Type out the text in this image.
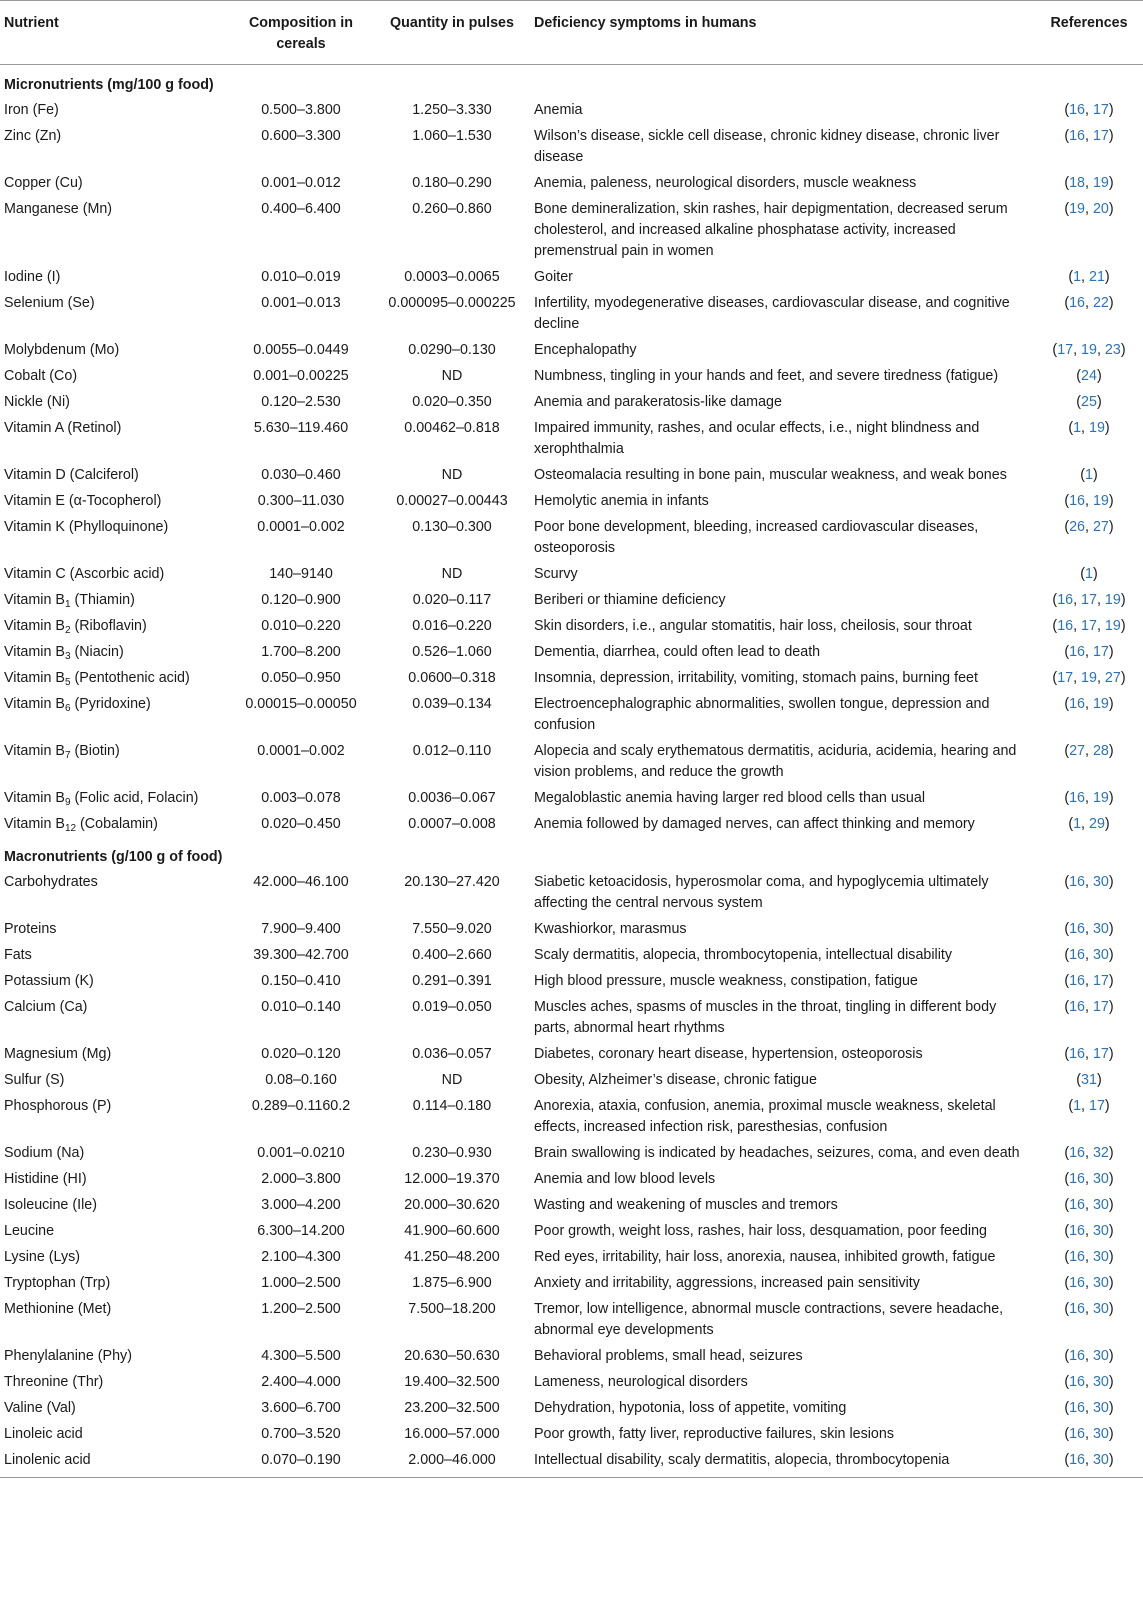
Nutrient	Composition in cereals	Quantity in pulses	Deficiency symptoms in humans	References
Micronutrients (mg/100 g food)				
Iron (Fe)	0.500–3.800	1.250–3.330	Anemia	(16, 17)
Zinc (Zn)	0.600–3.300	1.060–1.530	Wilson’s disease, sickle cell disease, chronic kidney disease, chronic liver disease	(16, 17)
Copper (Cu)	0.001–0.012	0.180–0.290	Anemia, paleness, neurological disorders, muscle weakness	(18, 19)
Manganese (Mn)	0.400–6.400	0.260–0.860	Bone demineralization, skin rashes, hair depigmentation, decreased serum cholesterol, and increased alkaline phosphatase activity, increased premenstrual pain in women	(19, 20)
Iodine (I)	0.010–0.019	0.0003–0.0065	Goiter	(1, 21)
Selenium (Se)	0.001–0.013	0.000095–0.000225	Infertility, myodegenerative diseases, cardiovascular disease, and cognitive decline	(16, 22)
Molybdenum (Mo)	0.0055–0.0449	0.0290–0.130	Encephalopathy	(17, 19, 23)
Cobalt (Co)	0.001–0.00225	ND	Numbness, tingling in your hands and feet, and severe tiredness (fatigue)	(24)
Nickle (Ni)	0.120–2.530	0.020–0.350	Anemia and parakeratosis-like damage	(25)
Vitamin A (Retinol)	5.630–119.460	0.00462–0.818	Impaired immunity, rashes, and ocular effects, i.e., night blindness and xerophthalmia	(1, 19)
Vitamin D (Calciferol)	0.030–0.460	ND	Osteomalacia resulting in bone pain, muscular weakness, and weak bones	(1)
Vitamin E (α-Tocopherol)	0.300–11.030	0.00027–0.00443	Hemolytic anemia in infants	(16, 19)
Vitamin K (Phylloquinone)	0.0001–0.002	0.130–0.300	Poor bone development, bleeding, increased cardiovascular diseases, osteoporosis	(26, 27)
Vitamin C (Ascorbic acid)	140–9140	ND	Scurvy	(1)
Vitamin $B_1$ (Thiamin)	0.120–0.900	0.020–0.117	Beriberi or thiamine deficiency	(16, 17, 19)
Vitamin $B_2$ (Riboflavin)	0.010–0.220	0.016–0.220	Skin disorders, i.e., angular stomatitis, hair loss, cheilosis, sour throat	(16, 17, 19)
Vitamin $B_3$ (Niacin)	1.700–8.200	0.526–1.060	Dementia, diarrhea, could often lead to death	(16, 17)
Vitamin $B_5$ (Pentothenic acid)	0.050–0.950	0.0600–0.318	Insomnia, depression, irritability, vomiting, stomach pains, burning feet	(17, 19, 27)
Vitamin $B_6$ (Pyridoxine)	0.00015–0.00050	0.039–0.134	Electroencephalographic abnormalities, swollen tongue, depression and confusion	(16, 19)
Vitamin $B_7$ (Biotin)	0.0001–0.002	0.012–0.110	Alopecia and scaly erythematous dermatitis, aciduria, acidemia, hearing and vision problems, and reduce the growth	(27, 28)
Vitamin $B_9$ (Folic acid, Folacin)	0.003–0.078	0.0036–0.067	Megaloblastic anemia having larger red blood cells than usual	(16, 19)
Vitamin $B_{12}$ (Cobalamin)	0.020–0.450	0.0007–0.008	Anemia followed by damaged nerves, can affect thinking and memory	(1, 29)
Macronutrients (g/100 g of food)				
Carbohydrates	42.000–46.100	20.130–27.420	Siabetic ketoacidosis, hyperosmolar coma, and hypoglycemia ultimately affecting the central nervous system	(16, 30)
Proteins	7.900–9.400	7.550–9.020	Kwashiorkor, marasmus	(16, 30)
Fats	39.300–42.700	0.400–2.660	Scaly dermatitis, alopecia, thrombocytopenia, intellectual disability	(16, 30)
Potassium (K)	0.150–0.410	0.291–0.391	High blood pressure, muscle weakness, constipation, fatigue	(16, 17)
Calcium (Ca)	0.010–0.140	0.019–0.050	Muscles aches, spasms of muscles in the throat, tingling in different body parts, abnormal heart rhythms	(16, 17)
Magnesium (Mg)	0.020–0.120	0.036–0.057	Diabetes, coronary heart disease, hypertension, osteoporosis	(16, 17)
Sulfur (S)	0.08–0.160	ND	Obesity, Alzheimer’s disease, chronic fatigue	(31)
Phosphorous (P)	0.289–0.1160.2	0.114–0.180	Anorexia, ataxia, confusion, anemia, proximal muscle weakness, skeletal effects, increased infection risk, paresthesias, confusion	(1, 17)
Sodium (Na)	0.001–0.0210	0.230–0.930	Brain swallowing is indicated by headaches, seizures, coma, and even death	(16, 32)
Histidine (HI)	2.000–3.800	12.000–19.370	Anemia and low blood levels	(16, 30)
Isoleucine (Ile)	3.000–4.200	20.000–30.620	Wasting and weakening of muscles and tremors	(16, 30)
Leucine	6.300–14.200	41.900–60.600	Poor growth, weight loss, rashes, hair loss, desquamation, poor feeding	(16, 30)
Lysine (Lys)	2.100–4.300	41.250–48.200	Red eyes, irritability, hair loss, anorexia, nausea, inhibited growth, fatigue	(16, 30)
Tryptophan (Trp)	1.000–2.500	1.875–6.900	Anxiety and irritability, aggressions, increased pain sensitivity	(16, 30)
Methionine (Met)	1.200–2.500	7.500–18.200	Tremor, low intelligence, abnormal muscle contractions, severe headache, abnormal eye developments	(16, 30)
Phenylalanine (Phy)	4.300–5.500	20.630–50.630	Behavioral problems, small head, seizures	(16, 30)
Threonine (Thr)	2.400–4.000	19.400–32.500	Lameness, neurological disorders	(16, 30)
Valine (Val)	3.600–6.700	23.200–32.500	Dehydration, hypotonia, loss of appetite, vomiting	(16, 30)
Linoleic acid	0.700–3.520	16.000–57.000	Poor growth, fatty liver, reproductive failures, skin lesions	(16, 30)
Linolenic acid	0.070–0.190	2.000–46.000	Intellectual disability, scaly dermatitis, alopecia, thrombocytopenia	(16, 30)
